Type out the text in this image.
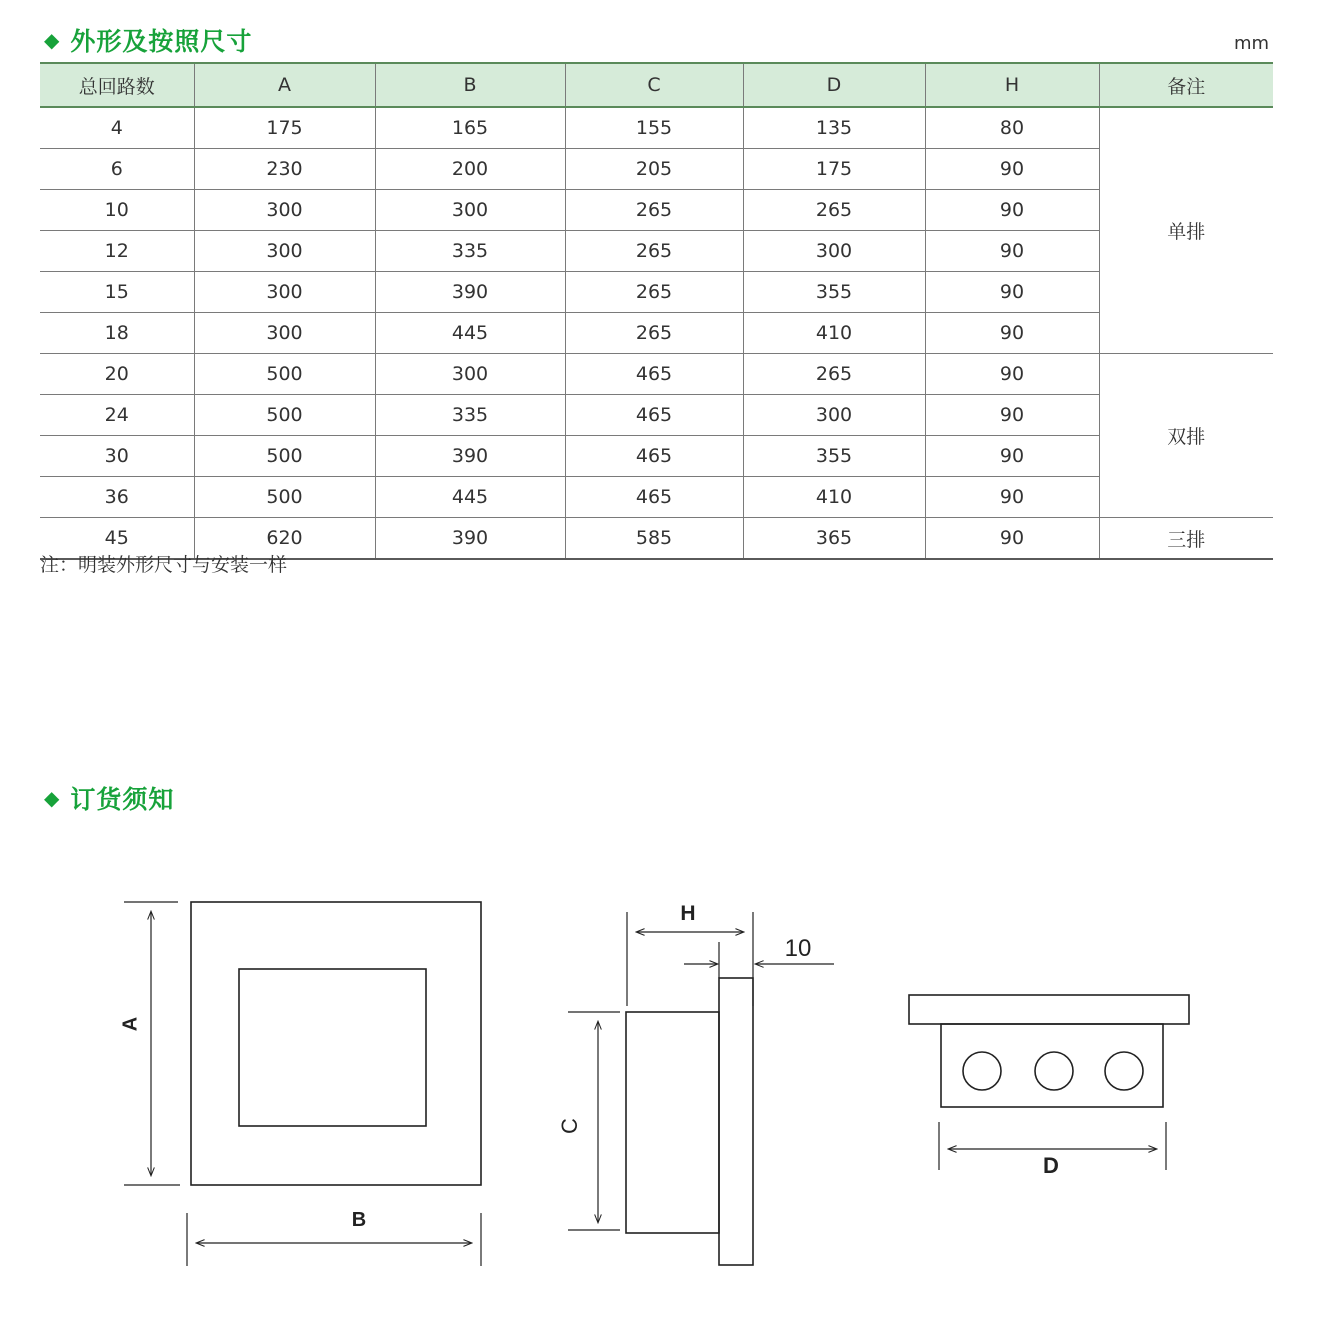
◆ 外形及按照尺寸	mm
总回路数	A	B	C	D	H	备注
4	175	165	155	135	80	单排
6	230	200	205	175	90	
10	300	300	265	265	90	
12	300	335	265	300	90	
15	300	390	265	355	90	
18	300	445	265	410	90	
20	500	300	465	265	90	双排
24	500	335	465	300	90	
30	500	390	465	355	90	
36	500	445	465	410	90	
45	620	390	585	365	90	三排
注：明装外形尺寸与安装一样
◆ 订货须知
A
B
H
10
C
D
